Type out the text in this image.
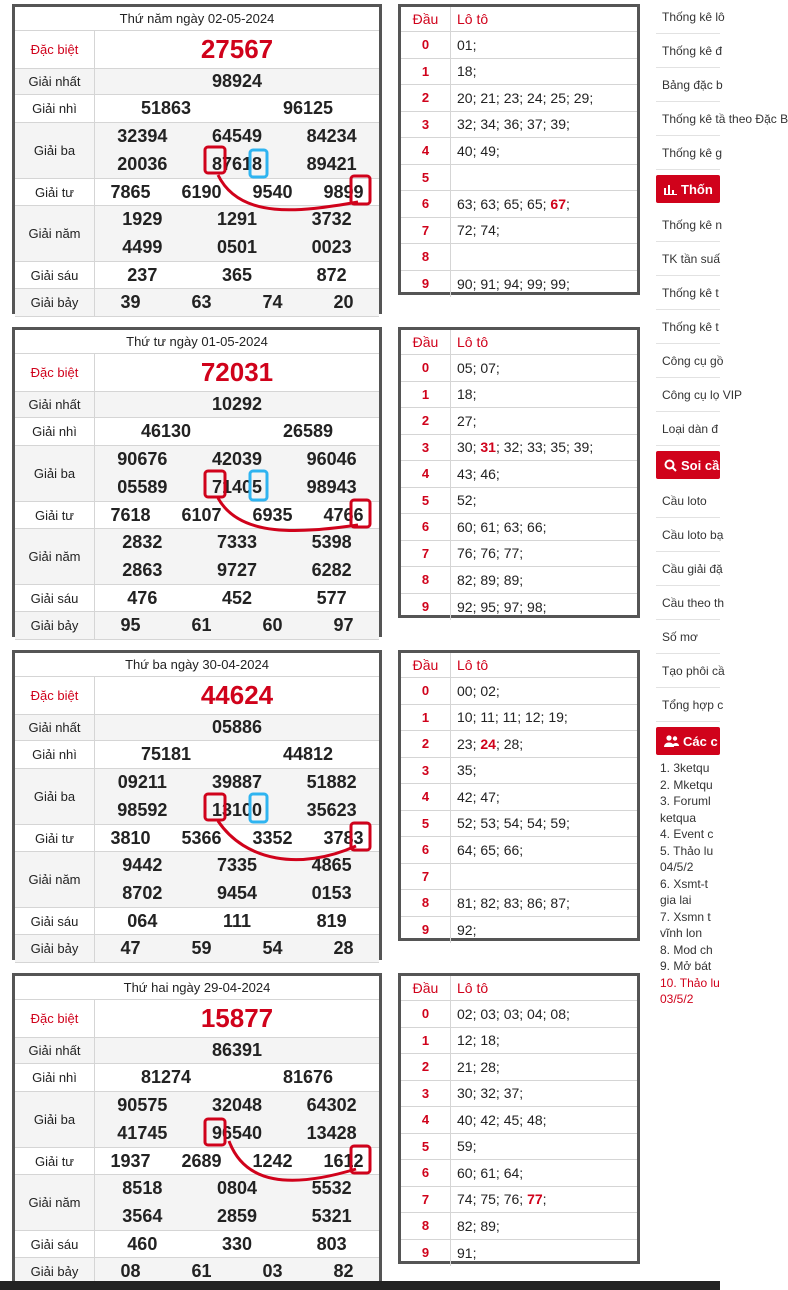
Thứ năm ngày 02-05-2024
Đặc biệt	27567
Giải nhất	98924
Giải nhì	51863	96125
Giải ba
32394	64549	84234
20036	87618	89421
Giải tư	7865	6190	9540	9899
Giải năm
1929	1291	3732
4499	0501	0023
Giải sáu	237	365	872
Giải bảy	39	63	74	20
Đầu	Lô tô
0	01;
1	18;
2	20; 21; 23; 24; 25; 29;
3	32; 34; 36; 37; 39;
4	40; 49;
5
6	63; 63; 65; 65; 67;
7	72; 74;
8
9	90; 91; 94; 99; 99;
Thứ tư ngày 01-05-2024
Đặc biệt	72031
Giải nhất	10292
Giải nhì	46130	26589
Giải ba
90676	42039	96046
05589	71405	98943
Giải tư	7618	6107	6935	4766
Giải năm
2832	7333	5398
2863	9727	6282
Giải sáu	476	452	577
Giải bảy	95	61	60	97
Đầu	Lô tô
0	05; 07;
1	18;
2	27;
3	30; 31; 32; 33; 35; 39;
4	43; 46;
5	52;
6	60; 61; 63; 66;
7	76; 76; 77;
8	82; 89; 89;
9	92; 95; 97; 98;
Thứ ba ngày 30-04-2024
Đặc biệt	44624
Giải nhất	05886
Giải nhì	75181	44812
Giải ba
09211	39887	51882
98592	13100	35623
Giải tư	3810	5366	3352	3783
Giải năm
9442	7335	4865
8702	9454	0153
Giải sáu	064	111	819
Giải bảy	47	59	54	28
Đầu	Lô tô
0	00; 02;
1	10; 11; 11; 12; 19;
2	23; 24; 28;
3	35;
4	42; 47;
5	52; 53; 54; 54; 59;
6	64; 65; 66;
7
8	81; 82; 83; 86; 87;
9	92;
Thứ hai ngày 29-04-2024
Đặc biệt	15877
Giải nhất	86391
Giải nhì	81274	81676
Giải ba
90575	32048	64302
41745	96540	13428
Giải tư	1937	2689	1242	1612
Giải năm
8518	0804	5532
3564	2859	5321
Giải sáu	460	330	803
Giải bảy	08	61	03	82
Đầu	Lô tô
0	02; 03; 03; 04; 08;
1	12; 18;
2	21; 28;
3	30; 32; 37;
4	40; 42; 45; 48;
5	59;
6	60; 61; 64;
7	74; 75; 76; 77;
8	82; 89;
9	91;
Thống kê lô
Thống kê đ
Bảng đặc b
Thống kê tầ theo Đặc B
Thống kê g
Thốn
Thống kê n
TK tần suấ
Thống kê t
Thống kê t
Công cụ gồ
Công cụ lọ VIP
Loại dàn đ
Soi cầ
Cầu loto
Cầu loto bạ
Cầu giải đặ
Cầu theo th
Số mơ
Tạo phôi cầ
Tổng hợp c
Các c
1. 3ketqu
2. Mketqu
3. Foruml
ketqua
4. Event c
5. Thảo lu
04/5/2
6. Xsmt-t
gia lai
7. Xsmn t
vĩnh lon
8. Mod ch
9. Mở bát
10. Thảo lu
03/5/2
